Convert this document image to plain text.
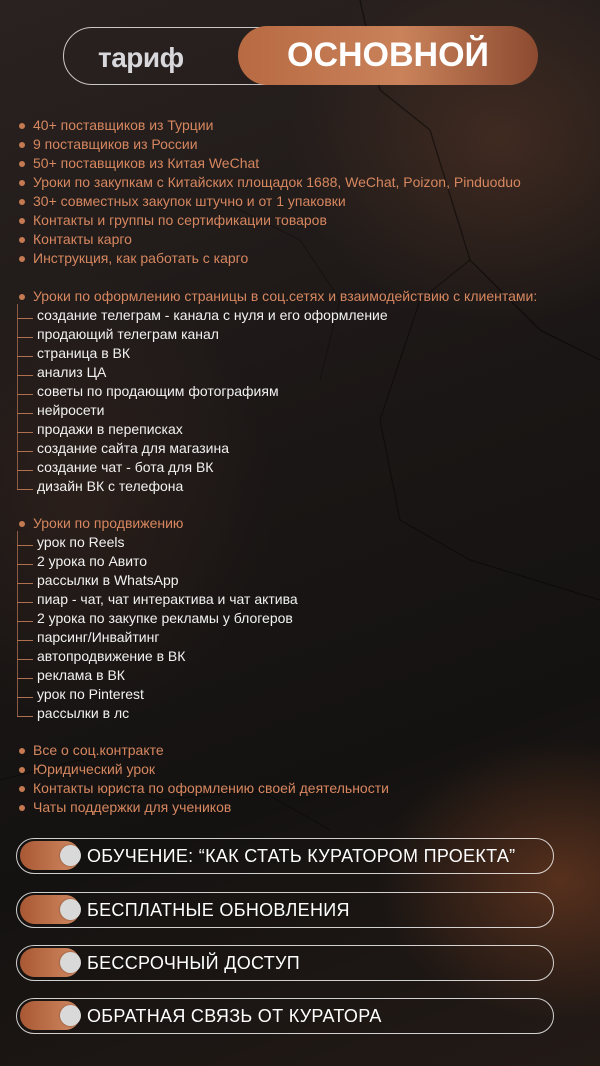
тариф	ОСНОВНОЙ
40+ поставщиков из Турции
9 поставщиков из России
50+ поставщиков из Китая WeChat
Уроки по закупкам с Китайских площадок 1688, WeChat, Poizon, Pinduoduo
30+ совместных закупок штучно и от 1 упаковки
Контакты и группы по сертификации товаров
Контакты карго
Инструкция, как работать с карго
Уроки по оформлению страницы в соц.сетях и взаимодействию с клиентами:
создание телеграм - канала с нуля и его оформление
продающий телеграм канал
страница в ВК
анализ ЦА
советы по продающим фотографиям
нейросети
продажи в переписках
создание сайта для магазина
создание чат - бота для ВК
дизайн ВК с телефона
Уроки по продвижению
урок по Reels
2 урока по Авито
рассылки в WhatsApp
пиар - чат, чат интерактива и чат актива
2 урока по закупке рекламы у блогеров
парсинг/Инвайтинг
автопродвижение в ВК
реклама в ВК
урок по Pinterest
рассылки в лс
Все о соц.контракте
Юридический урок
Контакты юриста по оформлению своей деятельности
Чаты поддержки для учеников
ОБУЧЕНИЕ: “КАК СТАТЬ КУРАТОРОМ ПРОЕКТА”
БЕСПЛАТНЫЕ ОБНОВЛЕНИЯ
БЕССРОЧНЫЙ ДОСТУП
ОБРАТНАЯ СВЯЗЬ ОТ КУРАТОРА
